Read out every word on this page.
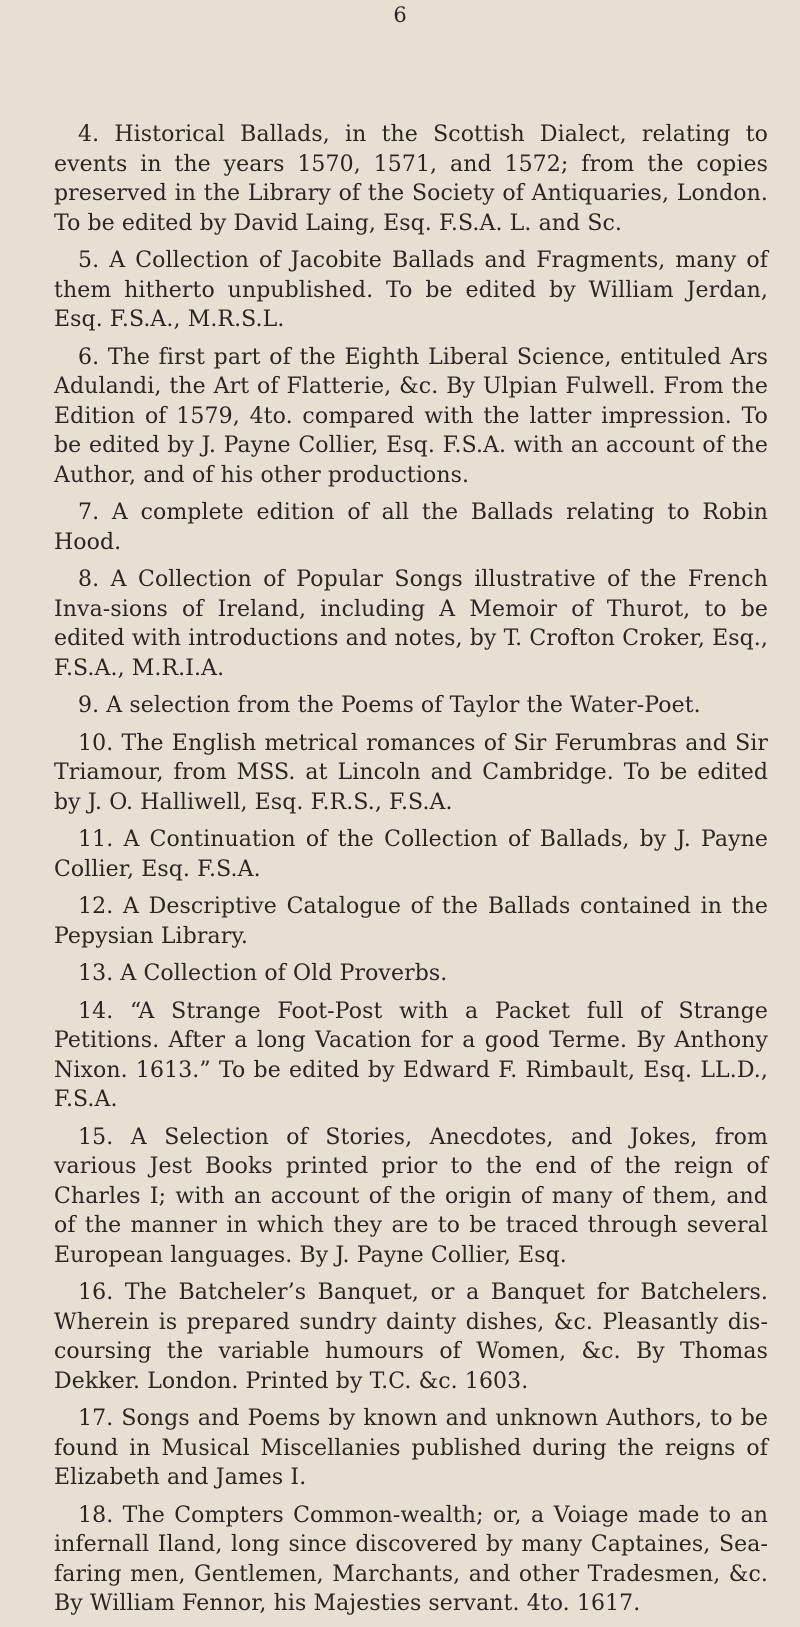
6

4. Historical Ballads, in the Scottish Dialect, relating to events in the years 1570, 1571, and 1572; from the copies preserved in the Library of the Society of Antiquaries, London. To be edited by David Laing, Esq. F.S.A. L. and Sc.

5. A Collection of Jacobite Ballads and Fragments, many of them hitherto unpublished. To be edited by William Jerdan, Esq. F.S.A., M.R.S.L.

6. The first part of the Eighth Liberal Science, entituled Ars Adulandi, the Art of Flatterie, &c. By Ulpian Fulwell. From the Edition of 1579, 4to. compared with the latter impression. To be edited by J. Payne Collier, Esq. F.S.A. with an account of the Author, and of his other productions.

7. A complete edition of all the Ballads relating to Robin Hood.

8. A Collection of Popular Songs illustrative of the French Inva-sions of Ireland, including A Memoir of Thurot, to be edited with introductions and notes, by T. Crofton Croker, Esq., F.S.A., M.R.I.A.

9. A selection from the Poems of Taylor the Water-Poet.

10. The English metrical romances of Sir Ferumbras and Sir Triamour, from MSS. at Lincoln and Cambridge. To be edited by J. O. Halliwell, Esq. F.R.S., F.S.A.

11. A Continuation of the Collection of Ballads, by J. Payne Collier, Esq. F.S.A.

12. A Descriptive Catalogue of the Ballads contained in the Pepysian Library.

13. A Collection of Old Proverbs.

14. “A Strange Foot-Post with a Packet full of Strange Petitions. After a long Vacation for a good Terme. By Anthony Nixon. 1613.” To be edited by Edward F. Rimbault, Esq. LL.D., F.S.A.

15. A Selection of Stories, Anecdotes, and Jokes, from various Jest Books printed prior to the end of the reign of Charles I; with an account of the origin of many of them, and of the manner in which they are to be traced through several European languages. By J. Payne Collier, Esq.

16. The Batcheler’s Banquet, or a Banquet for Batchelers. Wherein is prepared sundry dainty dishes, &c. Pleasantly dis-coursing the variable humours of Women, &c. By Thomas Dekker. London. Printed by T.C. &c. 1603.

17. Songs and Poems by known and unknown Authors, to be found in Musical Miscellanies published during the reigns of Elizabeth and James I.

18. The Compters Common-wealth; or, a Voiage made to an infernall Iland, long since discovered by many Captaines, Sea-faring men, Gentlemen, Marchants, and other Tradesmen, &c. By William Fennor, his Majesties servant. 4to. 1617.
